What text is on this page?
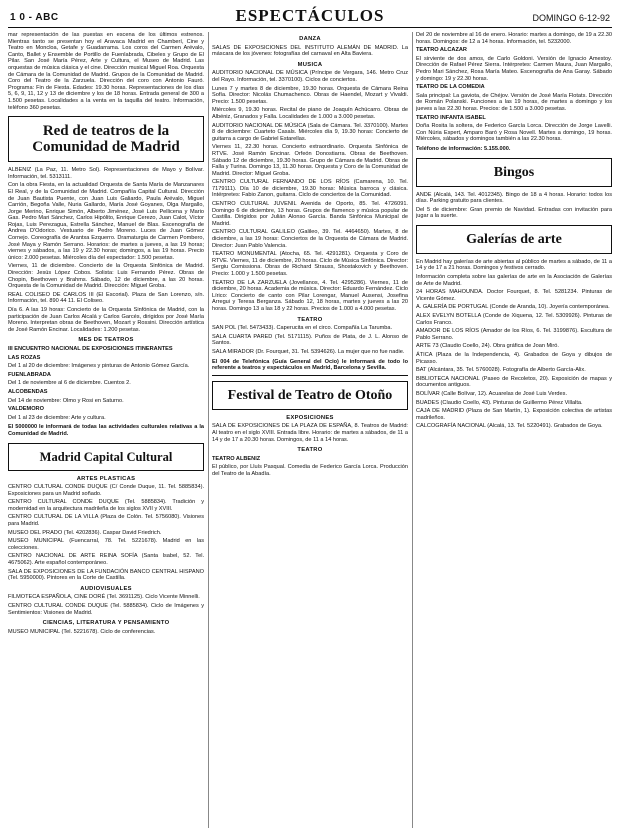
1 0 - ABC	ESPECTÁCULOS	DOMINGO 6-12-92
mar representación de las puestas en escena de los últimos estrenos. Mientras tanto se presentan hoy el Aravaca Madrid en Chamberí, Cine y Teatro en Moncloa, Getafe y Guadarrama. Los coros del Carmen Arévalo, Canto, Ballet y Ensemble de Portillo de Fuenlabrada, Cibeles y Grupo de El Pilar. San José María Pérez, Arte y Cultura, el Museo de Madrid. Las orquestas de música clásica y el cine. Dirección musical Miguel Roa. Orquesta de Cámara de la Comunidad de Madrid. Grupos de la Comunidad de Madrid. Coro del Teatro de la Zarzuela. Dirección del coro con Antonio Fauró. Programa: Fin de Fiesta. Edades: 19.30 horas. Representaciones de los días 5, 6, 9, 11, 12 y 13 de diciembre y los de 18 horas. Entrada general de 300 a 1.500 pesetas. Localidades a la venta en la taquilla del teatro. Información, teléfono 360 pesetas.
Red de teatros de la Comunidad de Madrid
ALBENIZ (La Paz, 11. Metro Sol). Representaciones de Mayo y Bolívar. Información, tel. 5313111.
Con la obra Fiesta, en la actualidad Orquesta de Santa María de Manzanares El Real, y de la Comunidad de Madrid. Compañía Capital Cultural. Dirección de Juan Bautista Puente, con Juan Luis Galiardo, Paula Arévalo, Miguel Carrión, Begoña Valle, Nuria Gallardo, María José Goyanes, Olga Margallo, Jorge Merino, Enrique Simón, Alberto Jiménez, José Luis Pellicena y Mario Gas. Pedro Mari Sánchez, Carlos Hipólito, Enrique Cerezo, Juan Calot, Víctor Rojas, Luis Perezagua, Estrella Sánchez, Manuel de Blas. Escenografía de Andrea D'Odorico. Vestuario de Pedro Moreno. Luces de Juan Gómez Cornejo. Coreografía de Arantxa Ezquerro. Dramaturgia de Carmen Pombero, José Maya y Ramón Serrano. Horarios: de martes a jueves, a las 19 horas; viernes y sábados, a las 19 y 22.30 horas; domingos, a las 19 horas. Precio único: 2.000 pesetas. Miércoles día del espectador: 1.500 pesetas.
Viernes, 11 de diciembre. Concierto de la Orquesta Sinfónica de Madrid. Dirección: Jesús López Cobos. Solista: Luis Fernando Pérez. Obras de Chopin, Beethoven y Brahms. Sábado, 12 de diciembre, a las 20 horas. Orquesta de la Comunidad de Madrid. Dirección: Miguel Groba.
REAL COLISEO DE CARLOS III (El Escorial). Plaza de San Lorenzo, s/n. Información, tel. 890 44 11. El Coliseo.
Día 6. A las 19 horas: Concierto de la Orquesta Sinfónica de Madrid, con la participación de Juan Carlos Alcalá y Carlos Garcés, dirigidos por José María Moreno. Interpretan obras de Beethoven, Mozart y Rossini. Dirección artística de José Ramón Encinar. Localidades: 1.200 pesetas.
MES DE TEATROS
III ENCUENTRO NACIONAL DE EXPOSICIONES ITINERANTES
LAS ROZAS
Del 1 al 20 de diciembre: Imágenes y pinturas de Antonio Gómez García.
FUENLABRADA
Del 1 de noviembre al 6 de diciembre. Cuentos 2.
ALCOBENDAS
Del 14 de noviembre: Olmo y Rosi en Saturno.
VALDEMORO
Del 1 al 23 de diciembre: Arte y cultura.
El 5000000 le informará de todas las actividades culturales relativas a la Comunidad de Madrid.
Madrid Capital Cultural
ARTES PLASTICAS
CENTRO CULTURAL CONDE DUQUE (C/ Conde Duque, 11. Tel. 5885834). Exposiciones para un Madrid soñado.
CENTRO CULTURAL CONDE DUQUE (Tel. 5885834). Tradición y modernidad en la arquitectura madrileña de los siglos XVII y XVIII.
CENTRO CULTURAL DE LA VILLA (Plaza de Colón. Tel. 5756080). Visiones para Madrid.
MUSEO DEL PRADO (Tel. 4202836). Caspar David Friedrich.
MUSEO MUNICIPAL (Fuencarral, 78. Tel. 5221678). Madrid en las colecciones.
CENTRO NACIONAL DE ARTE REINA SOFÍA (Santa Isabel, 52. Tel. 4675062). Arte español contemporáneo.
SALA DE EXPOSICIONES DE LA FUNDACIÓN BANCO CENTRAL HISPANO (Tel. 5950000). Pintores en la Corte de Castilla.
AUDIOVISUALES
FILMOTECA ESPAÑOLA, CINE DORÉ (Tel. 3691125). Ciclo Vicente Minnelli.
CENTRO CULTURAL CONDE DUQUE (Tel. 5885834). Ciclo de Imágenes y Sentimientos: Visiones de Madrid.
CIENCIAS, LITERATURA Y PENSAMIENTO
MUSEO MUNICIPAL (Tel. 5221678). Ciclo de conferencias.
DANZA
SALAS DE EXPOSICIONES DEL INSTITUTO ALEMÁN DE MADRID. La máscara de los jóvenes: fotografías del carnaval en Alta Baviera.
MUSICA
AUDITORIO NACIONAL DE MÚSICA (Príncipe de Vergara, 146. Metro Cruz del Rayo. Información, tel. 3370100). Ciclos de conciertos.
Lunes 7 y martes 8 de diciembre, 19.30 horas. Orquesta de Cámara Reina Sofía. Director: Nicolás Chumachenco. Obras de Haendel, Mozart y Vivaldi. Precio: 1.500 pesetas.
Miércoles 9, 19.30 horas. Recital de piano de Joaquín Achúcarro. Obras de Albéniz, Granados y Falla. Localidades de 1.000 a 3.000 pesetas.
AUDITORIO NACIONAL DE MÚSICA (Sala de Cámara. Tel. 3370100). Martes 8 de diciembre: Cuarteto Casals. Miércoles día 9, 19.30 horas: Concierto de guitarra a cargo de Gabriel Estarellas.
Viernes 11, 22.30 horas. Concierto extraordinario. Orquesta Sinfónica de RTVE. José Ramón Encinar. Orfeón Donostiarra. Obras de Beethoven. Sábado 12 de diciembre, 19.30 horas. Grupo de Cámara de Madrid. Obras de Falla y Turina. Domingo 13, 11.30 horas. Orquesta y Coro de la Comunidad de Madrid. Director: Miguel Groba.
CENTRO CULTURAL FERNANDO DE LOS RÍOS (Camarena, 10. Tel. 7179111). Día 10 de diciembre, 19.30 horas: Música barroca y clásica. Intérpretes: Fabio Zanon, guitarra. Ciclo de conciertos de la Comunidad.
CENTRO CULTURAL JUVENIL Avenida de Oporto, 85. Tel. 4726091. Domingo 6 de diciembre, 13 horas. Grupos de flamenco y música popular de Castilla. Dirigidos por Julián Alonso García. Banda Sinfónica Municipal de Madrid.
CENTRO CULTURAL GALILEO (Galileo, 39. Tel. 4464650). Martes, 8 de diciembre, a las 19 horas: Conciertos de la Orquesta de Cámara de Madrid. Director: Juan Pablo Valencia.
TEATRO MONUMENTAL (Atocha, 65. Tel. 4291281). Orquesta y Coro de RTVE. Viernes, 11 de diciembre, 20 horas. Ciclo de Música Sinfónica. Director: Sergiu Comissiona. Obras de Richard Strauss, Shostakovich y Beethoven. Precio: 1.000 y 1.500 pesetas.
TEATRO DE LA ZARZUELA (Jovellanos, 4. Tel. 4295286). Viernes, 11 de diciembre, 20 horas. Academia de música. Director: Eduardo Fernández. Ciclo Lírico: Concierto de canto con Pilar Lorengar, Manuel Ausensi, Josefina Arregui y Teresa Berganza. Sábado 12, 18 horas, martes y jueves a las 20 horas. Domingo 13 a las 18 y 22 horas. Precios de 1.000 a 4.000 pesetas.
TEATRO
SAN POL (Tel. 5473433). Caperucita en el circo. Compañía La Tarumba.
SALA CUARTA PARED (Tel. 5171115). Puños de Plata, de J. L. Alonso de Santos.
SALA MIRADOR (Dr. Fourquet, 31. Tel. 5394626). La mujer que no fue nadie.
El 004 de Telefónica (Guía General del Ocio) le informará de todo lo referente a teatros y espectáculos en Madrid, Barcelona y Sevilla.
Festival de Teatro de Otoño
EXPOSICIONES
SALA DE EXPOSICIONES DE LA PLAZA DE ESPAÑA, 8. Teatros de Madrid: Al teatro en el siglo XVIII. Entrada libre. Horario: de martes a sábados, de 11 a 14 y de 17 a 20.30 horas. Domingos, de 11 a 14 horas.
TEATRO
TEATRO ALBENIZ
El público, por Lluís Pasqual. Comedia de Federico García Lorca. Producción del Teatro de la Abadía.
Del 20 de noviembre al 16 de enero. Horario: martes a domingo, de 19 a 22.30 horas. Domingos: de 12 a 14 horas. Información, tel. 5232000.
TEATRO ALCAZAR
El sirviente de dos amos, de Carlo Goldoni. Versión de Ignacio Amestoy. Dirección de Rafael Pérez Sierra. Intérpretes: Carmen Maura, Juan Margallo, Pedro Mari Sánchez, Rosa María Mateo. Escenografía de Ana Garay. Sábado y domingo: 19 y 22.30 horas.
TEATRO DE LA COMEDIA
Sala principal: La gaviota, de Chéjov. Versión de José María Flotats. Dirección de Román Polanski. Funciones a las 19 horas, de martes a domingo y los jueves a las 22.30 horas. Precios: de 1.500 a 3.000 pesetas.
TEATRO INFANTA ISABEL
Doña Rosita la soltera, de Federico García Lorca. Dirección de Jorge Lavelli. Con Núria Espert, Amparo Baró y Rosa Novell. Martes a domingo, 19 horas. Miércoles, sábados y domingos también a las 22.30 horas.
Teléfono de información: 5.155.000.
Bingos
ANDE (Alcalá, 143. Tel. 4012345). Bingo de 18 a 4 horas. Horario: todos los días. Parking gratuito para clientes.
Del 5 de diciembre: Gran premio de Navidad. Entradas con invitación para jugar a la suerte.
Galerías de arte
En Madrid hay galerías de arte abiertas al público de martes a sábado, de 11 a 14 y de 17 a 21 horas. Domingos y festivos cerrado.
Información completa sobre las galerías de arte en la Asociación de Galerías de Arte de Madrid.
24 HORAS MAHOUNDA. Doctor Fourquet, 8. Tel. 5281234. Pinturas de Vicente Gómez.
A. GALERÍA DE PORTUGAL (Conde de Aranda, 10). Joyería contemporánea.
ALEX EVELYN BOTELLA (Conde de Xiquena, 12. Tel. 5309926). Pinturas de Carlos Franco.
AMADOR DE LOS RÍOS (Amador de los Ríos, 6. Tel. 3199876). Escultura de Pablo Serrano.
ARTE 73 (Claudio Coello, 24). Obra gráfica de Joan Miró.
ÁTICA (Plaza de la Independencia, 4). Grabados de Goya y dibujos de Picasso.
BAT (Alcántara, 35. Tel. 5760028). Fotografía de Alberto García-Alix.
BIBLIOTECA NACIONAL (Paseo de Recoletos, 20). Exposición de mapas y documentos antiguos.
BOLÍVAR (Calle Bolívar, 12). Acuarelas de José Luis Verdes.
BUADES (Claudio Coello, 43). Pinturas de Guillermo Pérez Villalta.
CAJA DE MADRID (Plaza de San Martín, 1). Exposición colectiva de artistas madrileños.
CALCOGRAFÍA NACIONAL (Alcalá, 13. Tel. 5220491). Grabados de Goya.
